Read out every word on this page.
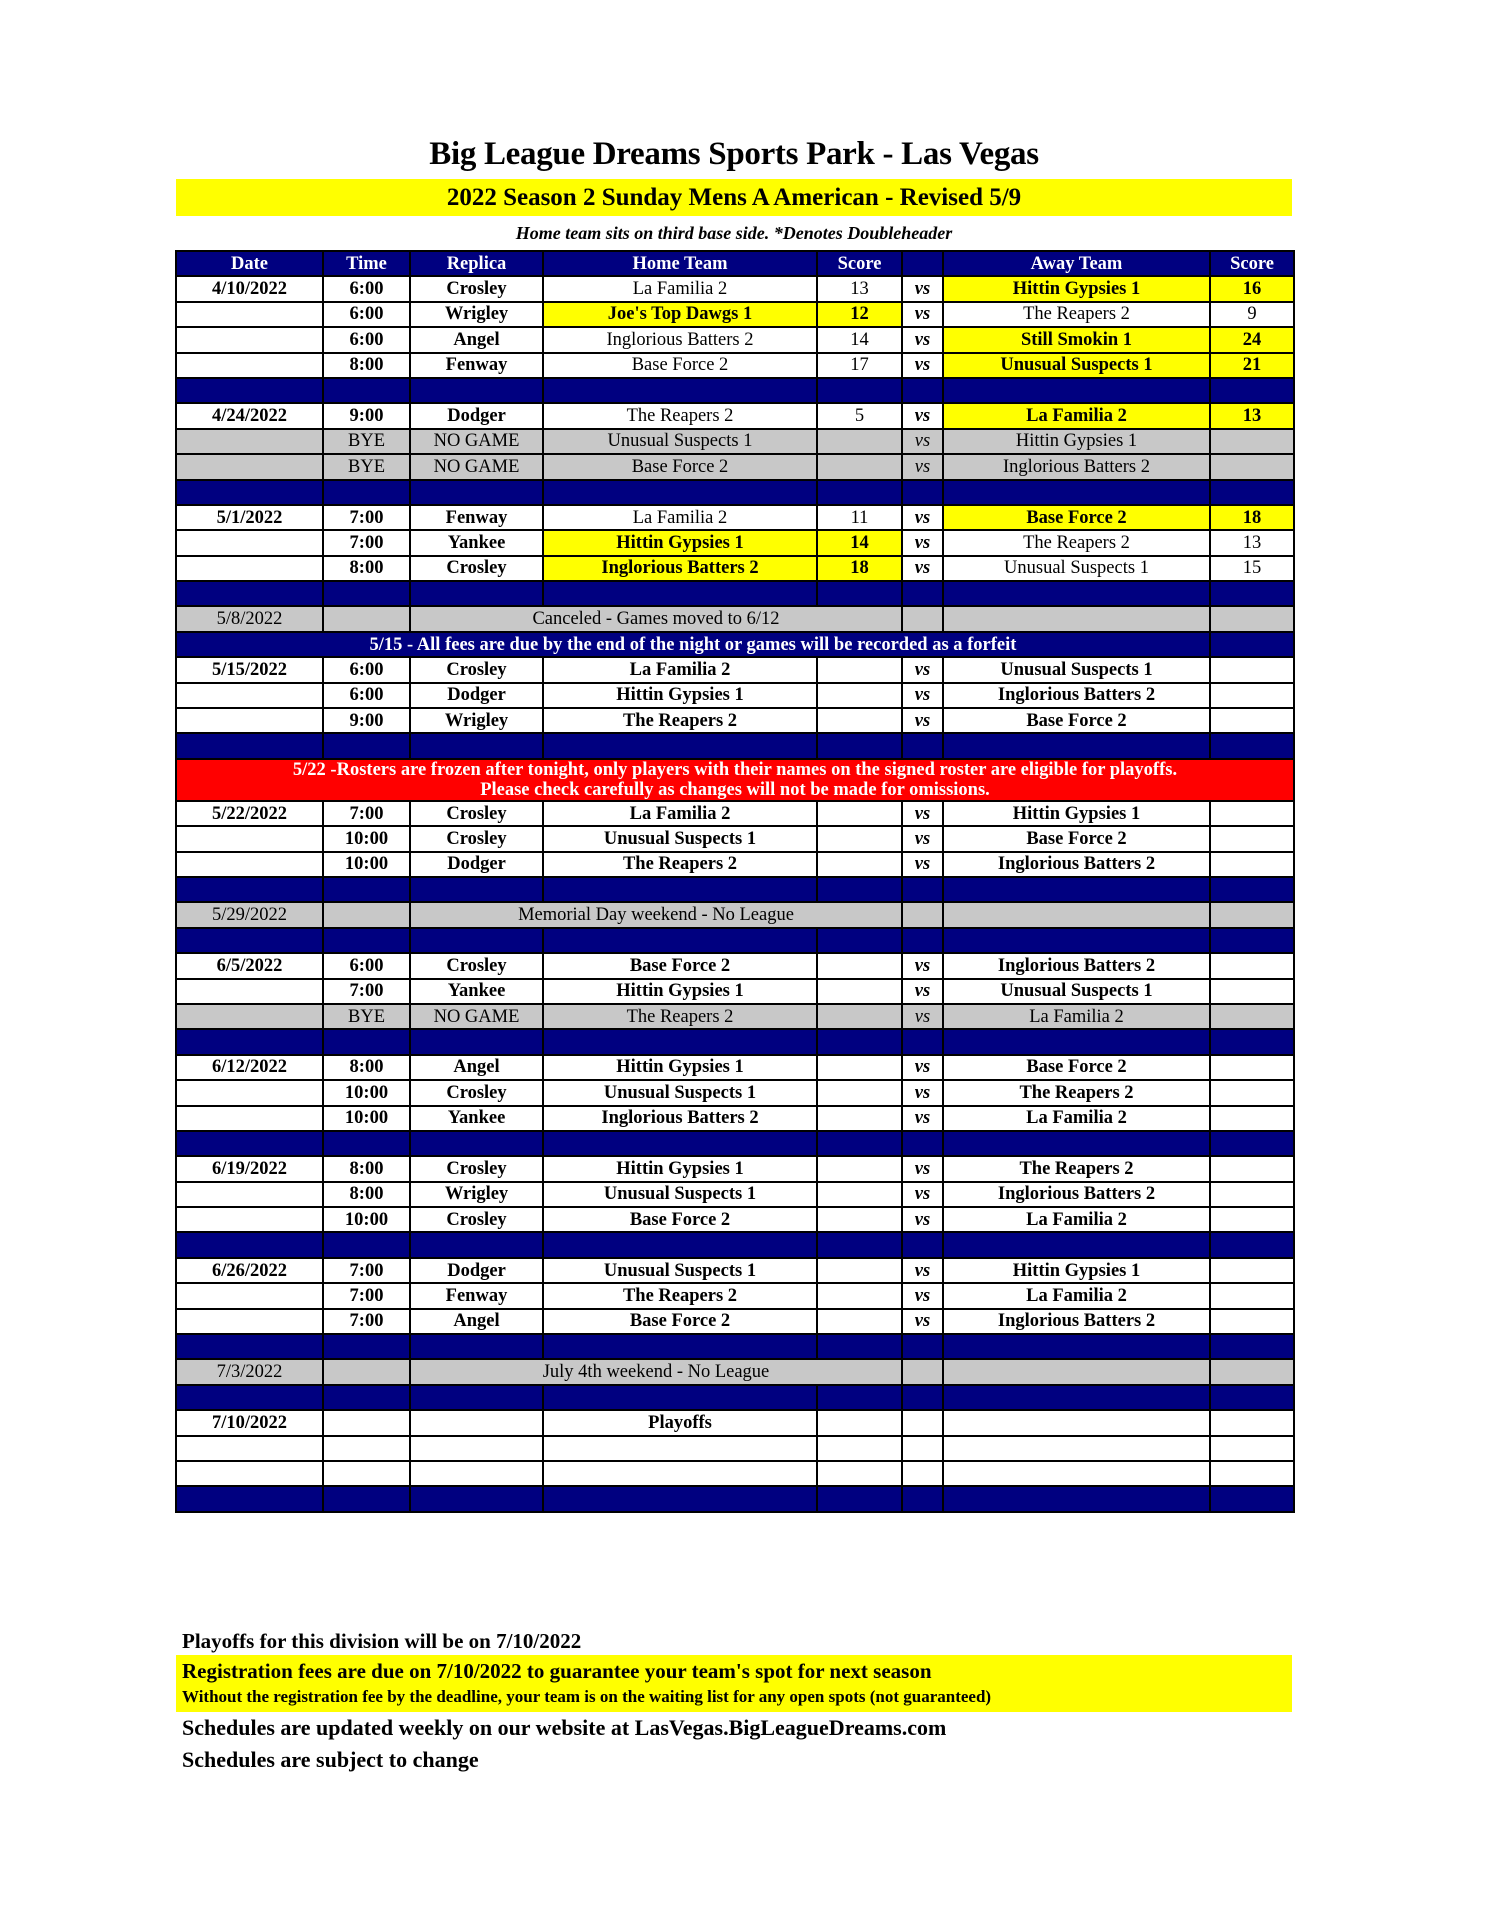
Big League Dreams Sports Park - Las Vegas
2022 Season 2 Sunday Mens A American - Revised 5/9
Home team sits on third base side. *Denotes Doubleheader
Date	Time	Replica	Home Team	Score		Away Team	Score
4/10/2022	6:00	Crosley	La Familia 2	13	vs	Hittin Gypsies 1	16
	6:00	Wrigley	Joe's Top Dawgs 1	12	vs	The Reapers 2	9
	6:00	Angel	Inglorious Batters 2	14	vs	Still Smokin 1	24
	8:00	Fenway	Base Force 2	17	vs	Unusual Suspects 1	21

4/24/2022	9:00	Dodger	The Reapers 2	5	vs	La Familia 2	13
	BYE	NO GAME	Unusual Suspects 1		vs	Hittin Gypsies 1	
	BYE	NO GAME	Base Force 2		vs	Inglorious Batters 2	

5/1/2022	7:00	Fenway	La Familia 2	11	vs	Base Force 2	18
	7:00	Yankee	Hittin Gypsies 1	14	vs	The Reapers 2	13
	8:00	Crosley	Inglorious Batters 2	18	vs	Unusual Suspects 1	15

5/8/2022		Canceled - Games moved to 6/12					
5/15 - All fees are due by the end of the night or games will be recorded as a forfeit							
5/15/2022	6:00	Crosley	La Familia 2		vs	Unusual Suspects 1	
	6:00	Dodger	Hittin Gypsies 1		vs	Inglorious Batters 2	
	9:00	Wrigley	The Reapers 2		vs	Base Force 2	

5/22 -Rosters are frozen after tonight, only players with their names on the signed roster are eligible for playoffs.
Please check carefully as changes will not be made for omissions.							

5/22/2022	7:00	Crosley	La Familia 2		vs	Hittin Gypsies 1	
	10:00	Crosley	Unusual Suspects 1		vs	Base Force 2	
	10:00	Dodger	The Reapers 2		vs	Inglorious Batters 2	

5/29/2022		Memorial Day weekend - No League					

6/5/2022	6:00	Crosley	Base Force 2		vs	Inglorious Batters 2	
	7:00	Yankee	Hittin Gypsies 1		vs	Unusual Suspects 1	
	BYE	NO GAME	The Reapers 2		vs	La Familia 2	

6/12/2022	8:00	Angel	Hittin Gypsies 1		vs	Base Force 2	
	10:00	Crosley	Unusual Suspects 1		vs	The Reapers 2	
	10:00	Yankee	Inglorious Batters 2		vs	La Familia 2	

6/19/2022	8:00	Crosley	Hittin Gypsies 1		vs	The Reapers 2	
	8:00	Wrigley	Unusual Suspects 1		vs	Inglorious Batters 2	
	10:00	Crosley	Base Force 2		vs	La Familia 2	

6/26/2022	7:00	Dodger	Unusual Suspects 1		vs	Hittin Gypsies 1	
	7:00	Fenway	The Reapers 2		vs	La Familia 2	
	7:00	Angel	Base Force 2		vs	Inglorious Batters 2	

7/3/2022		July 4th weekend - No League					

7/10/2022			Playoffs				

Playoffs for this division will be on 7/10/2022
Registration fees are due on 7/10/2022 to guarantee your team's spot for next season
Without the registration fee by the deadline, your team is on the waiting list for any open spots (not guaranteed)
Schedules are updated weekly on our website at LasVegas.BigLeagueDreams.com
Schedules are subject to change
